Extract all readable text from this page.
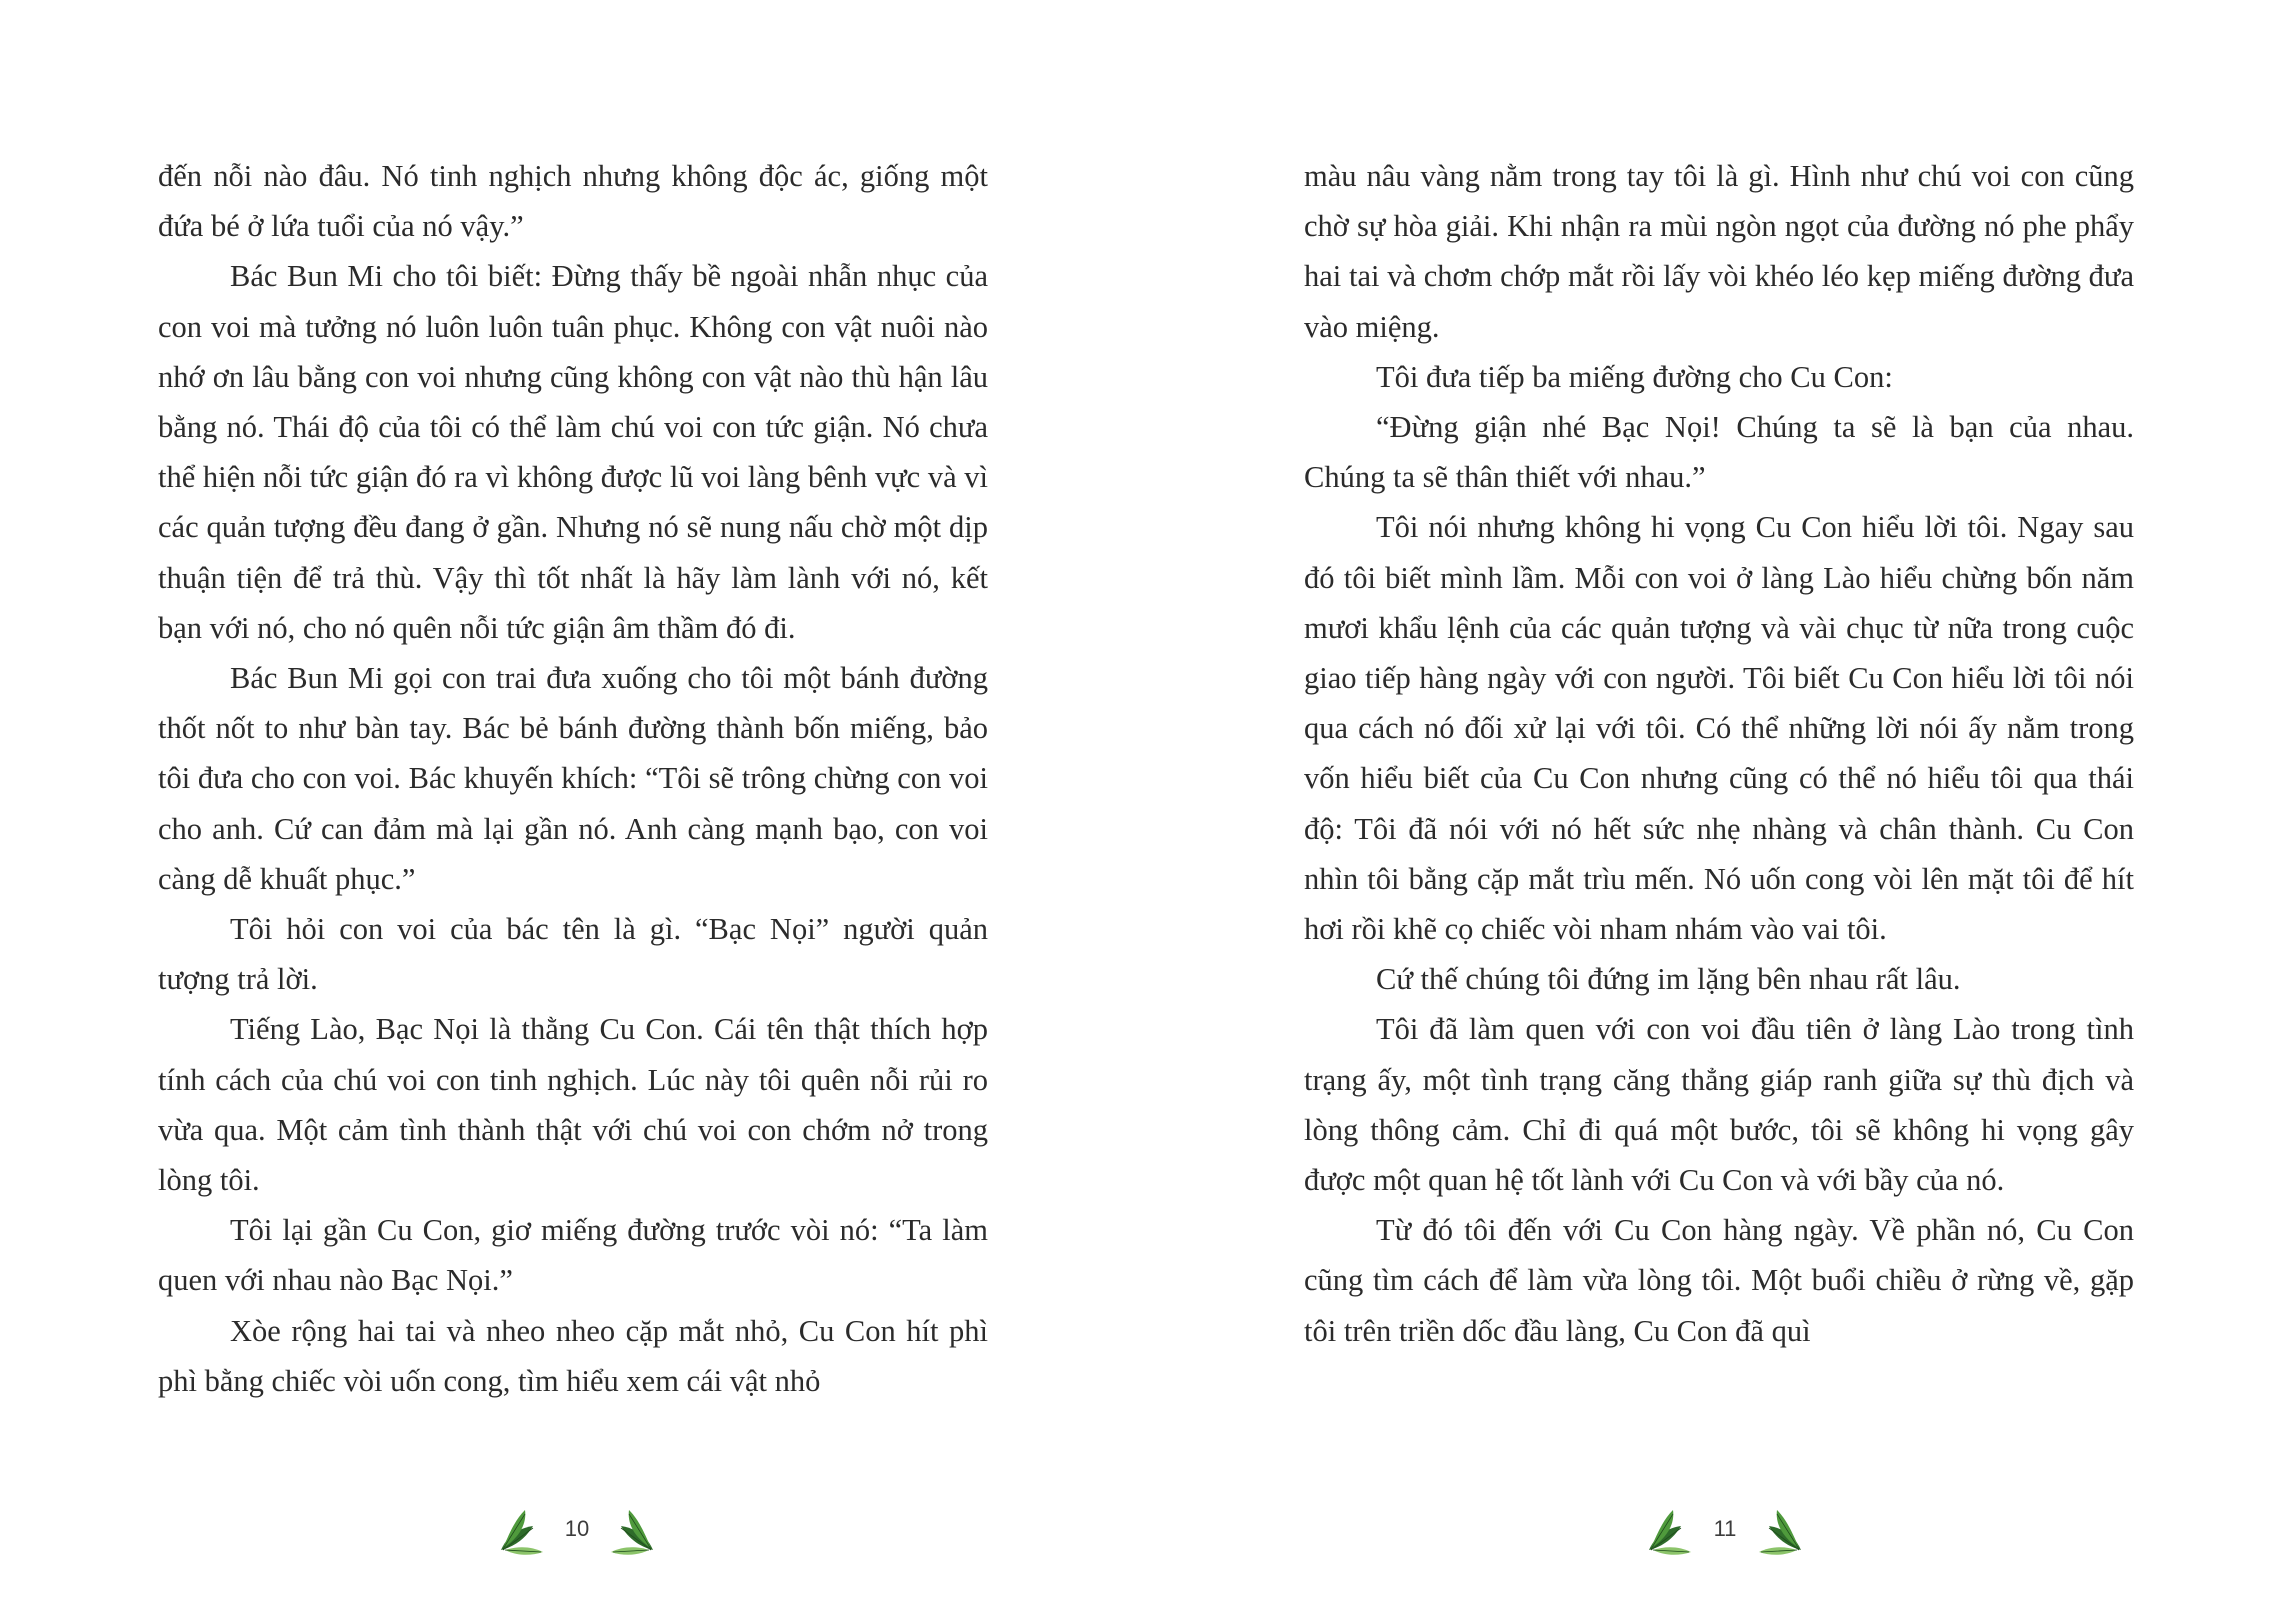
đến nỗi nào đâu. Nó tinh nghịch nhưng không độc ác, giống một đứa bé ở lứa tuổi của nó vậy.”

Bác Bun Mi cho tôi biết: Đừng thấy bề ngoài nhẫn nhục của con voi mà tưởng nó luôn luôn tuân phục. Không con vật nuôi nào nhớ ơn lâu bằng con voi nhưng cũng không con vật nào thù hận lâu bằng nó. Thái độ của tôi có thể làm chú voi con tức giận. Nó chưa thể hiện nỗi tức giận đó ra vì không được lũ voi làng bênh vực và vì các quản tượng đều đang ở gần. Nhưng nó sẽ nung nấu chờ một dịp thuận tiện để trả thù. Vậy thì tốt nhất là hãy làm lành với nó, kết bạn với nó, cho nó quên nỗi tức giận âm thầm đó đi.

Bác Bun Mi gọi con trai đưa xuống cho tôi một bánh đường thốt nốt to như bàn tay. Bác bẻ bánh đường thành bốn miếng, bảo tôi đưa cho con voi. Bác khuyến khích: “Tôi sẽ trông chừng con voi cho anh. Cứ can đảm mà lại gần nó. Anh càng mạnh bạo, con voi càng dễ khuất phục.”

Tôi hỏi con voi của bác tên là gì. “Bạc Nọi” người quản tượng trả lời.

Tiếng Lào, Bạc Nọi là thằng Cu Con. Cái tên thật thích hợp tính cách của chú voi con tinh nghịch. Lúc này tôi quên nỗi rủi ro vừa qua. Một cảm tình thành thật với chú voi con chớm nở trong lòng tôi.

Tôi lại gần Cu Con, giơ miếng đường trước vòi nó: “Ta làm quen với nhau nào Bạc Nọi.”

Xòe rộng hai tai và nheo nheo cặp mắt nhỏ, Cu Con hít phì phì bằng chiếc vòi uốn cong, tìm hiểu xem cái vật nhỏ

10

màu nâu vàng nằm trong tay tôi là gì. Hình như chú voi con cũng chờ sự hòa giải. Khi nhận ra mùi ngòn ngọt của đường nó phe phẩy hai tai và chơm chớp mắt rồi lấy vòi khéo léo kẹp miếng đường đưa vào miệng.

Tôi đưa tiếp ba miếng đường cho Cu Con:

“Đừng giận nhé Bạc Nọi! Chúng ta sẽ là bạn của nhau. Chúng ta sẽ thân thiết với nhau.”

Tôi nói nhưng không hi vọng Cu Con hiểu lời tôi. Ngay sau đó tôi biết mình lầm. Mỗi con voi ở làng Lào hiểu chừng bốn năm mươi khẩu lệnh của các quản tượng và vài chục từ nữa trong cuộc giao tiếp hàng ngày với con người. Tôi biết Cu Con hiểu lời tôi nói qua cách nó đối xử lại với tôi. Có thể những lời nói ấy nằm trong vốn hiểu biết của Cu Con nhưng cũng có thể nó hiểu tôi qua thái độ: Tôi đã nói với nó hết sức nhẹ nhàng và chân thành. Cu Con nhìn tôi bằng cặp mắt trìu mến. Nó uốn cong vòi lên mặt tôi để hít hơi rồi khẽ cọ chiếc vòi nham nhám vào vai tôi.

Cứ thế chúng tôi đứng im lặng bên nhau rất lâu.

Tôi đã làm quen với con voi đầu tiên ở làng Lào trong tình trạng ấy, một tình trạng căng thẳng giáp ranh giữa sự thù địch và lòng thông cảm. Chỉ đi quá một bước, tôi sẽ không hi vọng gây được một quan hệ tốt lành với Cu Con và với bầy của nó.

Từ đó tôi đến với Cu Con hàng ngày. Về phần nó, Cu Con cũng tìm cách để làm vừa lòng tôi. Một buổi chiều ở rừng về, gặp tôi trên triền dốc đầu làng, Cu Con đã quì

11
